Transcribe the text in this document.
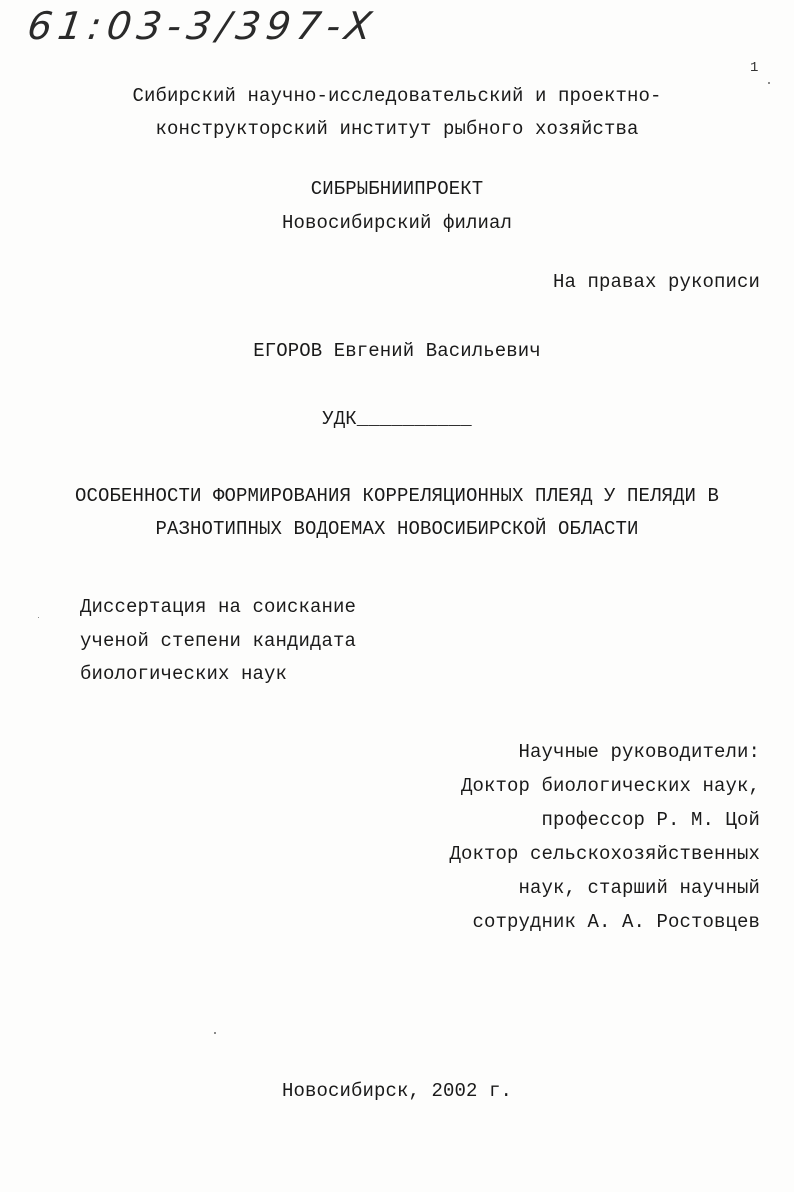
61:03-3/397-X
1
Сибирский научно-исследовательский и проектно-
конструкторский институт рыбного хозяйства
СИБРЫБНИИПРОЕКТ
Новосибирский филиал
На правах рукописи
ЕГОРОВ Евгений Васильевич
УДК__________
ОСОБЕННОСТИ ФОРМИРОВАНИЯ КОРРЕЛЯЦИОННЫХ ПЛЕЯД У ПЕЛЯДИ В
РАЗНОТИПНЫХ ВОДОЕМАХ НОВОСИБИРСКОЙ ОБЛАСТИ
Диссертация на соискание
ученой степени кандидата
биологических наук
Научные руководители:
Доктор биологических наук,
профессор Р. М. Цой
Доктор сельскохозяйственных
наук, старший научный
сотрудник А. А. Ростовцев
Новосибирск, 2002 г.
